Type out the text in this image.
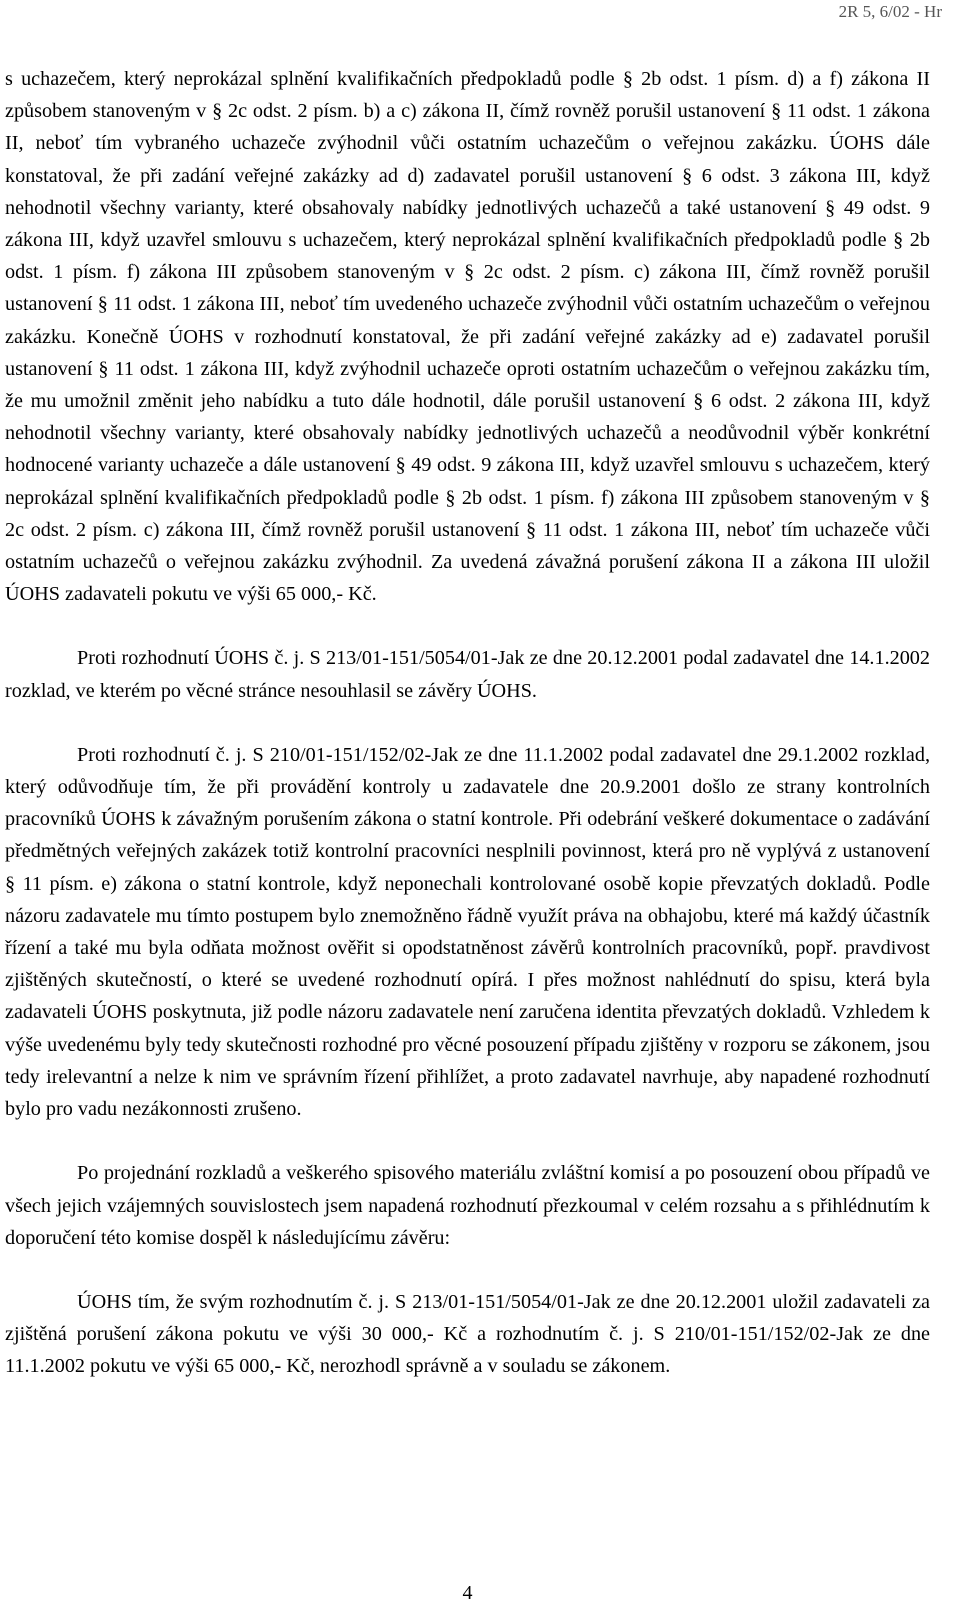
2R 5, 6/02 - Hr

s uchazečem, který neprokázal splnění kvalifikačních předpokladů podle § 2b odst. 1 písm. d) a f) zákona II způsobem stanoveným v § 2c odst. 2 písm. b) a c) zákona II, čímž rovněž porušil ustanovení § 11 odst. 1 zákona II, neboť tím vybraného uchazeče zvýhodnil vůči ostatním uchazečům o veřejnou zakázku. ÚOHS dále konstatoval, že při zadání veřejné zakázky ad d) zadavatel porušil ustanovení § 6 odst. 3 zákona III, když nehodnotil všechny varianty, které obsahovaly nabídky jednotlivých uchazečů a také ustanovení § 49 odst. 9 zákona III, když uzavřel smlouvu s uchazečem, který neprokázal splnění kvalifikačních předpokladů podle § 2b odst. 1 písm. f) zákona III způsobem stanoveným v § 2c odst. 2 písm. c) zákona III, čímž rovněž porušil ustanovení § 11 odst. 1 zákona III, neboť tím uvedeného uchazeče zvýhodnil vůči ostatním uchazečům o veřejnou zakázku. Konečně ÚOHS v rozhodnutí konstatoval, že při zadání veřejné zakázky ad e) zadavatel porušil ustanovení § 11 odst. 1 zákona III, když zvýhodnil uchazeče oproti ostatním uchazečům o veřejnou zakázku tím, že mu umožnil změnit jeho nabídku a tuto dále hodnotil, dále porušil ustanovení § 6 odst. 2 zákona III, když nehodnotil všechny varianty, které obsahovaly nabídky jednotlivých uchazečů a neodůvodnil výběr konkrétní hodnocené varianty uchazeče a dále ustanovení § 49 odst. 9 zákona III, když uzavřel smlouvu s uchazečem, který neprokázal splnění kvalifikačních předpokladů podle § 2b odst. 1 písm. f) zákona III způsobem stanoveným v § 2c odst. 2 písm. c) zákona III, čímž rovněž porušil ustanovení § 11 odst. 1 zákona III, neboť tím uchazeče vůči ostatním uchazečů o veřejnou zakázku zvýhodnil. Za uvedená závažná porušení zákona II a zákona III uložil ÚOHS zadavateli pokutu ve výši 65 000,- Kč.

Proti rozhodnutí ÚOHS č. j. S 213/01-151/5054/01-Jak ze dne 20.12.2001 podal zadavatel dne 14.1.2002 rozklad, ve kterém po věcné stránce nesouhlasil se závěry ÚOHS.

Proti rozhodnutí č. j. S 210/01-151/152/02-Jak ze dne 11.1.2002 podal zadavatel dne 29.1.2002 rozklad, který odůvodňuje tím, že při provádění kontroly u zadavatele dne 20.9.2001 došlo ze strany kontrolních pracovníků ÚOHS k závažným porušením zákona o statní kontrole. Při odebrání veškeré dokumentace o zadávání předmětných veřejných zakázek totiž kontrolní pracovníci nesplnili povinnost, která pro ně vyplývá z ustanovení § 11 písm. e) zákona o statní kontrole, když neponechali kontrolované osobě kopie převzatých dokladů. Podle názoru zadavatele mu tímto postupem bylo znemožněno řádně využít práva na obhajobu, které má každý účastník řízení a také mu byla odňata možnost ověřit si opodstatněnost závěrů kontrolních pracovníků, popř. pravdivost zjištěných skutečností, o které se uvedené rozhodnutí opírá. I přes možnost nahlédnutí do spisu, která byla zadavateli ÚOHS poskytnuta, již podle názoru zadavatele není zaručena identita převzatých dokladů. Vzhledem k výše uvedenému byly tedy skutečnosti rozhodné pro věcné posouzení případu zjištěny v rozporu se zákonem, jsou tedy irelevantní a nelze k nim ve správním řízení přihlížet, a proto zadavatel navrhuje, aby napadené rozhodnutí bylo pro vadu nezákonnosti zrušeno.

Po projednání rozkladů a veškerého spisového materiálu zvláštní komisí a po posouzení obou případů ve všech jejich vzájemných souvislostech jsem napadená rozhodnutí přezkoumal v celém rozsahu a s přihlédnutím k doporučení této komise dospěl k následujícímu závěru:

ÚOHS tím, že svým rozhodnutím č. j. S 213/01-151/5054/01-Jak ze dne 20.12.2001 uložil zadavateli za zjištěná porušení zákona pokutu ve výši 30 000,- Kč a rozhodnutím č. j. S 210/01-151/152/02-Jak ze dne 11.1.2002 pokutu ve výši 65 000,- Kč, nerozhodl správně a v souladu se zákonem.

4
